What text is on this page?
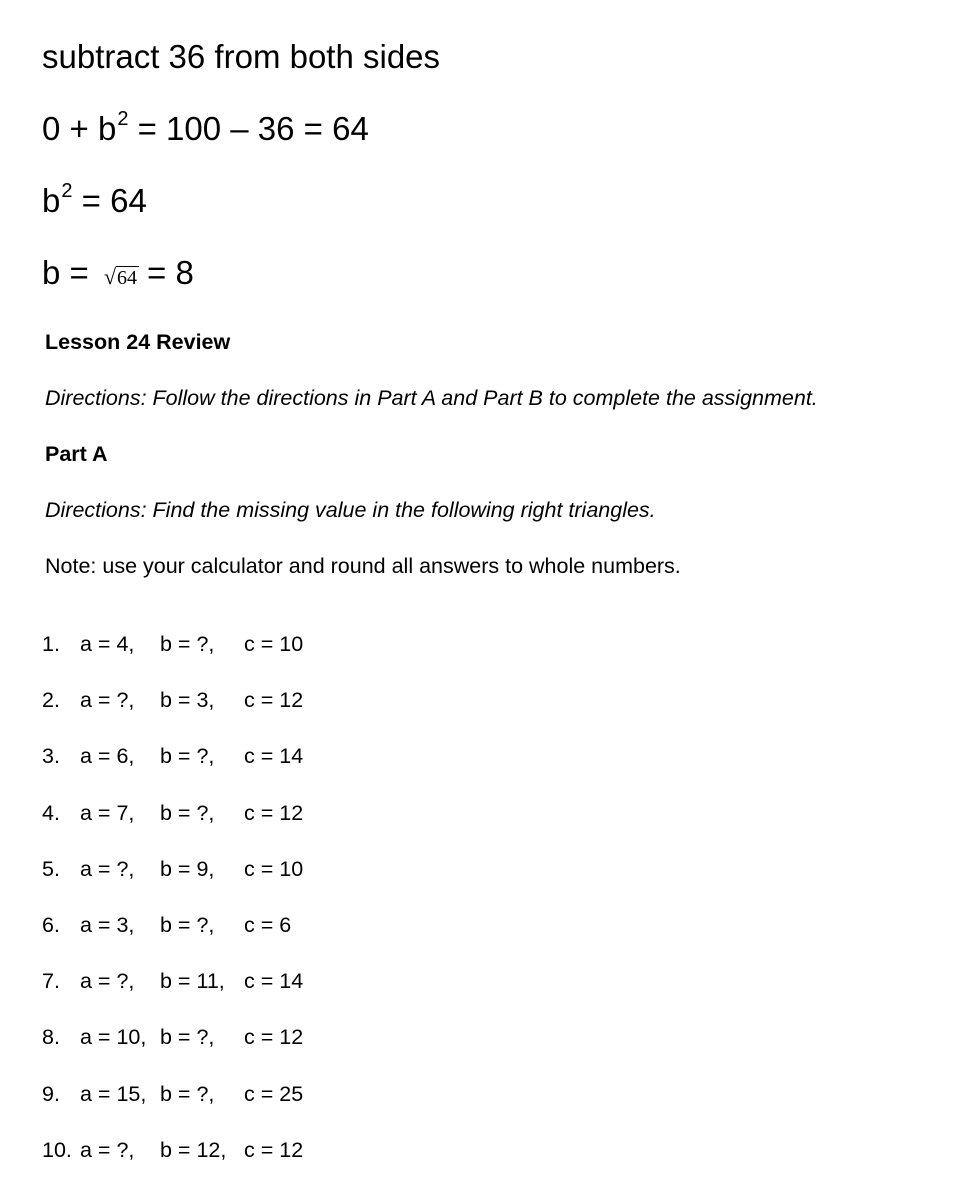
subtract 36 from both sides
$0 + b^2 = 100 - 36 = 64$
$b^2 = 64$
b = √64 = 8
Lesson 24 Review
Directions: Follow the directions in Part A and Part B to complete the assignment.
Part A
Directions: Find the missing value in the following right triangles.
Note: use your calculator and round all answers to whole numbers.
1. a = 4, b = ?, c = 10
2. a = ?, b = 3, c = 12
3. a = 6, b = ?, c = 14
4. a = 7, b = ?, c = 12
5. a = ?, b = 9, c = 10
6. a = 3, b = ?, c = 6
7. a = ?, b = 11, c = 14
8. a = 10, b = ?, c = 12
9. a = 15, b = ?, c = 25
10. a = ?, b = 12, c = 12
